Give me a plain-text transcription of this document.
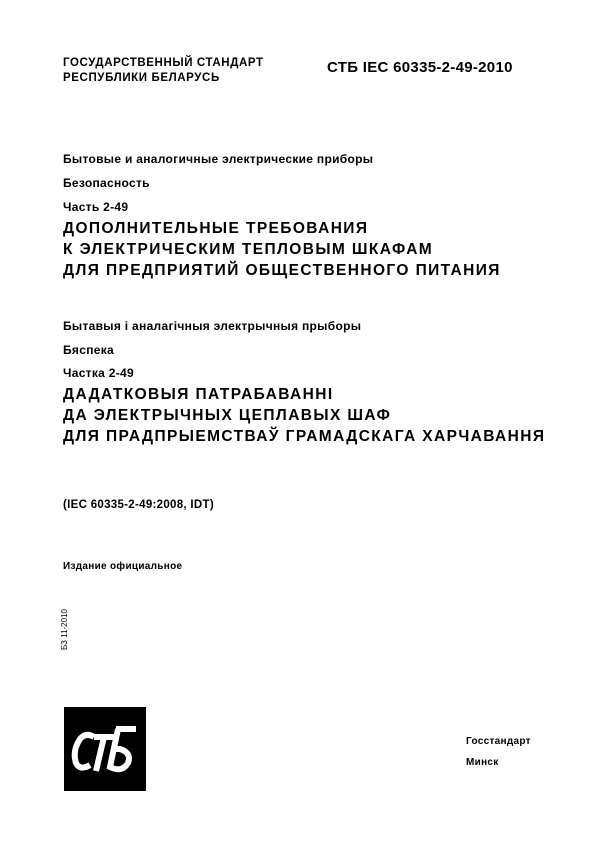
ГОСУДАРСТВЕННЫЙ СТАНДАРТ
РЕСПУБЛИКИ БЕЛАРУСЬ
СТБ IEC 60335-2-49-2010
Бытовые и аналогичные электрические приборы
Безопасность
Часть 2-49
ДОПОЛНИТЕЛЬНЫЕ ТРЕБОВАНИЯ
К ЭЛЕКТРИЧЕСКИМ ТЕПЛОВЫМ ШКАФАМ
ДЛЯ ПРЕДПРИЯТИЙ ОБЩЕСТВЕННОГО ПИТАНИЯ
Бытавыя і аналагічныя электрычныя прыборы
Бяспека
Частка 2-49
ДАДАТКОВЫЯ ПАТРАБАВАННІ
ДА ЭЛЕКТРЫЧНЫХ ЦЕПЛАВЫХ ШАФ
ДЛЯ ПРАДПРЫЕМСТВАЎ ГРАМАДСКАГА ХАРЧАВАННЯ
(IEC 60335-2-49:2008, IDT)
Издание официальное
БЗ 11-2010
Госстандарт
Минск
